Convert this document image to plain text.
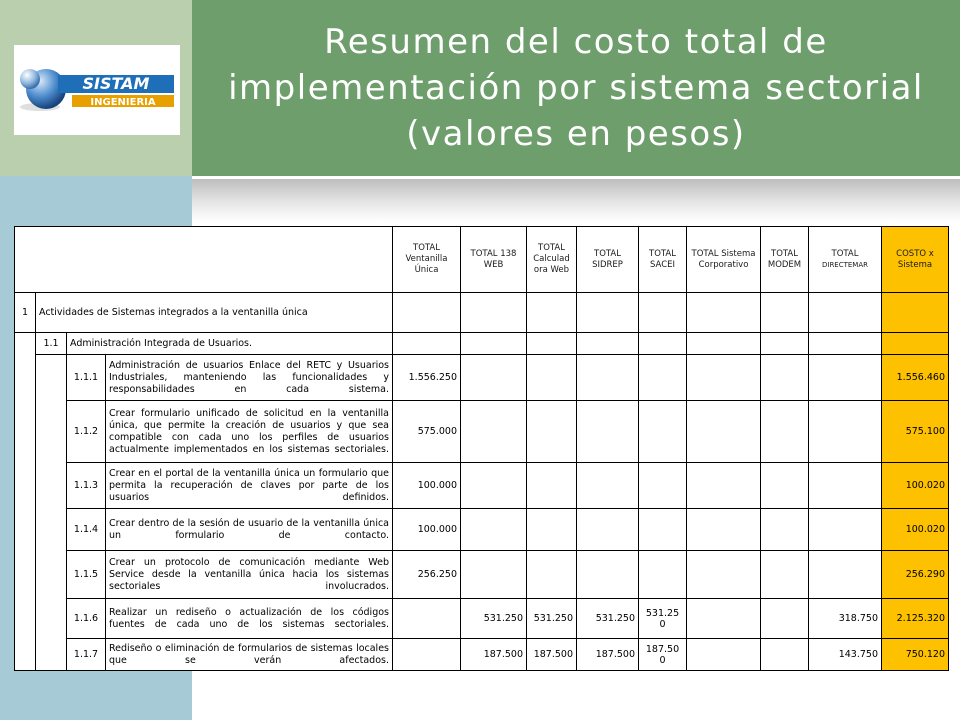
Resumen del costo total de implementación por sistema sectorial (valores en pesos)
SISTAM
INGENIERIA
				TOTAL Ventanilla Única	TOTAL 138 WEB	TOTAL Calculad ora Web	TOTAL SIDREP	TOTAL SACEI	TOTAL Sistema Corporativo	TOTAL MODEM	TOTAL
DIRECTEMAR	COSTO x Sistema
1	Actividades de Sistemas integrados a la ventanilla única											
	1.1	Administración Integrada de Usuarios.										
		1.1.1	Administración de usuarios Enlace del RETC y Usuarios Industriales, manteniendo las funcionalidades y responsabilidades en cada sistema.	1.556.250								1.556.460
		1.1.2	Crear formulario unificado de solicitud en la ventanilla única, que permite la creación de usuarios y que sea compatible con cada uno los perfiles de usuarios actualmente implementados en los sistemas sectoriales.	575.000								575.100
		1.1.3	Crear en el portal de la ventanilla única un formulario que permita la recuperación de claves por parte de los usuarios definidos.	100.000								100.020
		1.1.4	Crear dentro de la sesión de usuario de la ventanilla única un formulario de contacto.	100.000								100.020
		1.1.5	Crear un protocolo de comunicación mediante Web Service desde la ventanilla única hacia los sistemas sectoriales involucrados.	256.250								256.290
		1.1.6	Realizar un rediseño o actualización de los códigos fuentes de cada uno de los sistemas sectoriales.		531.250	531.250	531.250	531.25 0			318.750	2.125.320
		1.1.7	Rediseño o eliminación de formularios de sistemas locales que se verán afectados.		187.500	187.500	187.500	187.50 0			143.750	750.120
